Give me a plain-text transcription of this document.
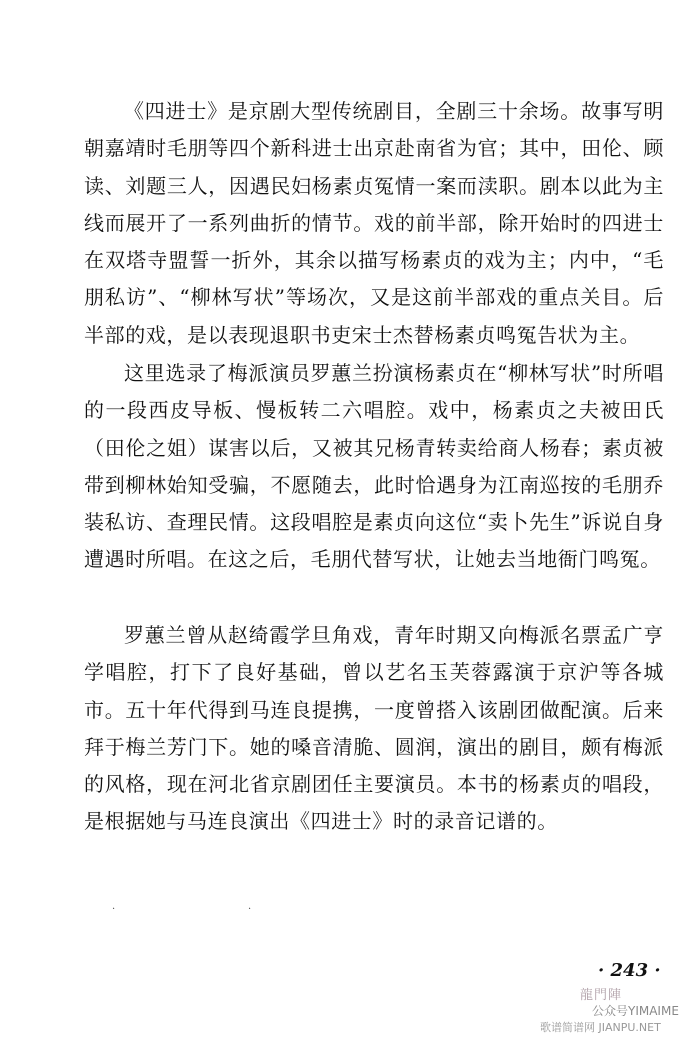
《四进士》是京剧大型传统剧目，全剧三十余场。故事写明朝嘉靖时毛朋等四个新科进士出京赴南省为官；其中，田伦、顾读、刘题三人，因遇民妇杨素贞冤情一案而渎职。剧本以此为主线而展开了一系列曲折的情节。戏的前半部，除开始时的四进士在双塔寺盟誓一折外，其余以描写杨素贞的戏为主；内中，“毛朋私访”、“柳林写状”等场次，又是这前半部戏的重点关目。后半部的戏，是以表现退职书吏宋士杰替杨素贞鸣冤告状为主。

这里选录了梅派演员罗蕙兰扮演杨素贞在“柳林写状”时所唱的一段西皮导板、慢板转二六唱腔。戏中，杨素贞之夫被田氏（田伦之姐）谋害以后，又被其兄杨青转卖给商人杨春；素贞被带到柳林始知受骗，不愿随去，此时恰遇身为江南巡按的毛朋乔装私访、查理民情。这段唱腔是素贞向这位“卖卜先生”诉说自身遭遇时所唱。在这之后，毛朋代替写状，让她去当地衙门鸣冤。

罗蕙兰曾从赵绮霞学旦角戏，青年时期又向梅派名票孟广亨学唱腔，打下了良好基础，曾以艺名玉芙蓉露演于京沪等各城市。五十年代得到马连良提携，一度曾搭入该剧团做配演。后来拜于梅兰芳门下。她的嗓音清脆、圆润，演出的剧目，颇有梅派的风格，现在河北省京剧团任主要演员。本书的杨素贞的唱段，是根据她与马连良演出《四进士》时的录音记谱的。

·	·
· 243 ·
龍門陣
公众号YIMAIME
歌谱简谱网 JIANPU.NET
